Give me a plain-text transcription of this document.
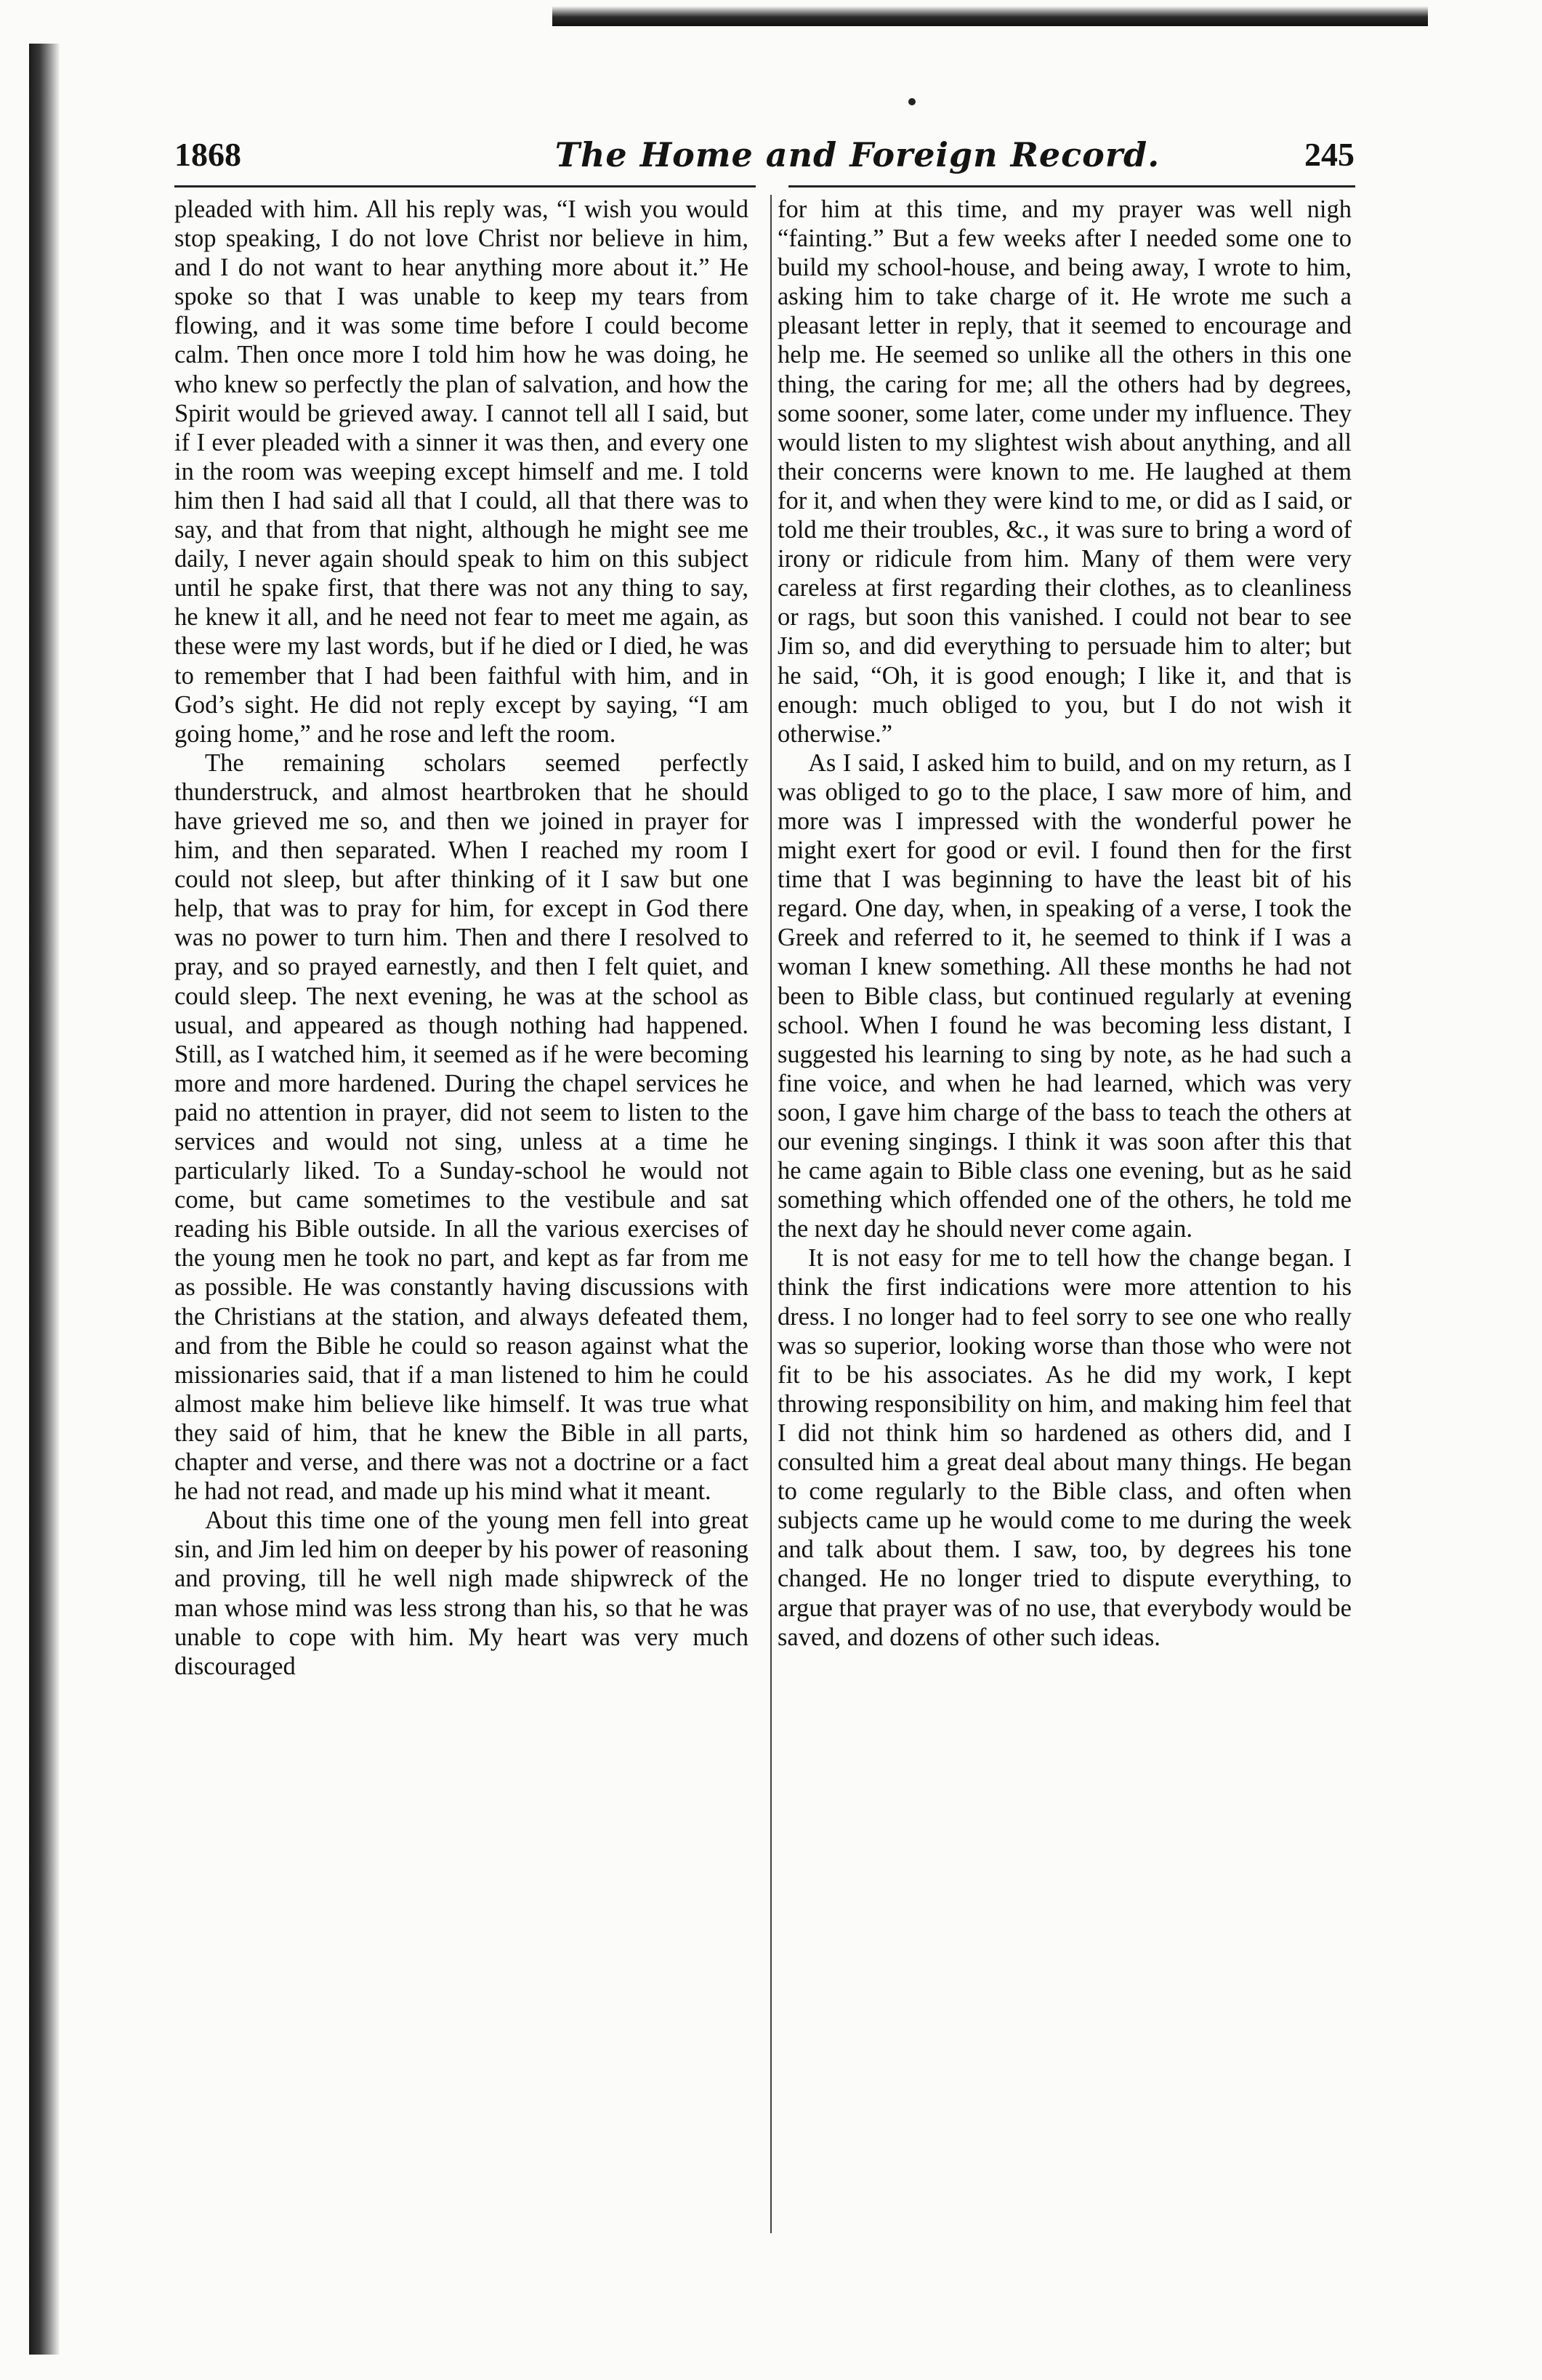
1868	The Home and Foreign Record.	245

pleaded with him. All his reply was, “I wish you would stop speaking, I do not love Christ nor believe in him, and I do not want to hear anything more about it.” He spoke so that I was unable to keep my tears from flowing, and it was some time before I could become calm. Then once more I told him how he was doing, he who knew so perfectly the plan of salvation, and how the Spirit would be grieved away. I cannot tell all I said, but if I ever pleaded with a sinner it was then, and every one in the room was weeping except himself and me. I told him then I had said all that I could, all that there was to say, and that from that night, although he might see me daily, I never again should speak to him on this subject until he spake first, that there was not any thing to say, he knew it all, and he need not fear to meet me again, as these were my last words, but if he died or I died, he was to remember that I had been faithful with him, and in God’s sight. He did not reply except by saying, “I am going home,” and he rose and left the room.

The remaining scholars seemed perfectly thunderstruck, and almost heartbroken that he should have grieved me so, and then we joined in prayer for him, and then separated. When I reached my room I could not sleep, but after thinking of it I saw but one help, that was to pray for him, for except in God there was no power to turn him. Then and there I resolved to pray, and so prayed earnestly, and then I felt quiet, and could sleep. The next evening, he was at the school as usual, and appeared as though nothing had happened. Still, as I watched him, it seemed as if he were becoming more and more hardened. During the chapel services he paid no attention in prayer, did not seem to listen to the services and would not sing, unless at a time he particularly liked. To a Sunday-school he would not come, but came sometimes to the vestibule and sat reading his Bible outside. In all the various exercises of the young men he took no part, and kept as far from me as possible. He was constantly having discussions with the Christians at the station, and always defeated them, and from the Bible he could so reason against what the missionaries said, that if a man listened to him he could almost make him believe like himself. It was true what they said of him, that he knew the Bible in all parts, chapter and verse, and there was not a doctrine or a fact he had not read, and made up his mind what it meant.

About this time one of the young men fell into great sin, and Jim led him on deeper by his power of reasoning and proving, till he well nigh made shipwreck of the man whose mind was less strong than his, so that he was unable to cope with him. My heart was very much discouraged

for him at this time, and my prayer was well nigh “fainting.” But a few weeks after I needed some one to build my school-house, and being away, I wrote to him, asking him to take charge of it. He wrote me such a pleasant letter in reply, that it seemed to encourage and help me. He seemed so unlike all the others in this one thing, the caring for me; all the others had by degrees, some sooner, some later, come under my influence. They would listen to my slightest wish about anything, and all their concerns were known to me. He laughed at them for it, and when they were kind to me, or did as I said, or told me their troubles, &c., it was sure to bring a word of irony or ridicule from him. Many of them were very careless at first regarding their clothes, as to cleanliness or rags, but soon this vanished. I could not bear to see Jim so, and did everything to persuade him to alter; but he said, “Oh, it is good enough; I like it, and that is enough: much obliged to you, but I do not wish it otherwise.”

As I said, I asked him to build, and on my return, as I was obliged to go to the place, I saw more of him, and more was I impressed with the wonderful power he might exert for good or evil. I found then for the first time that I was beginning to have the least bit of his regard. One day, when, in speaking of a verse, I took the Greek and referred to it, he seemed to think if I was a woman I knew something. All these months he had not been to Bible class, but continued regularly at evening school. When I found he was becoming less distant, I suggested his learning to sing by note, as he had such a fine voice, and when he had learned, which was very soon, I gave him charge of the bass to teach the others at our evening singings. I think it was soon after this that he came again to Bible class one evening, but as he said something which offended one of the others, he told me the next day he should never come again.

It is not easy for me to tell how the change began. I think the first indications were more attention to his dress. I no longer had to feel sorry to see one who really was so superior, looking worse than those who were not fit to be his associates. As he did my work, I kept throwing responsibility on him, and making him feel that I did not think him so hardened as others did, and I consulted him a great deal about many things. He began to come regularly to the Bible class, and often when subjects came up he would come to me during the week and talk about them. I saw, too, by degrees his tone changed. He no longer tried to dispute everything, to argue that prayer was of no use, that everybody would be saved, and dozens of other such ideas.
